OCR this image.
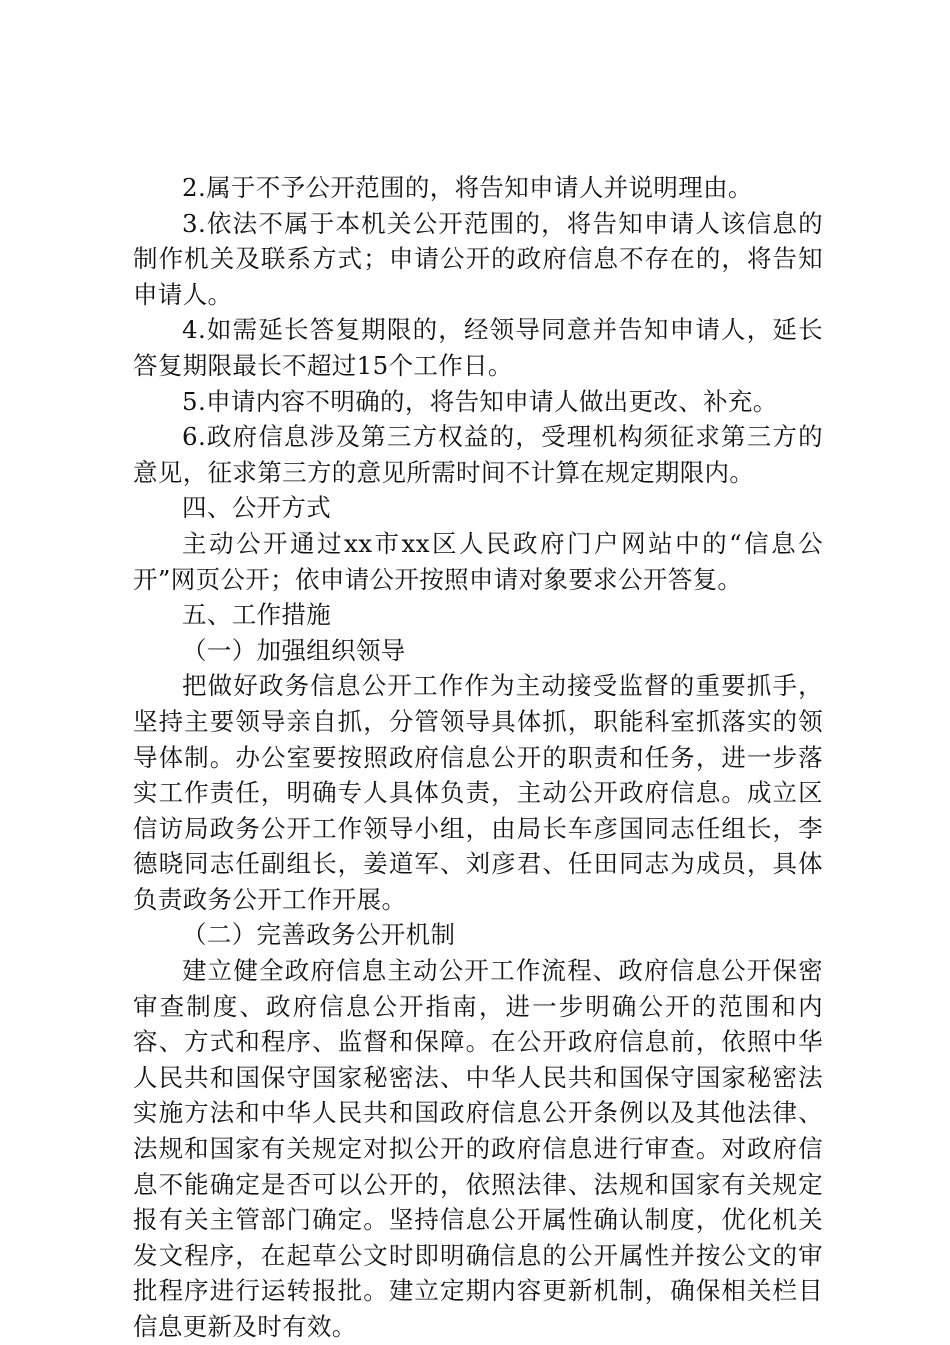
2.属于不予公开范围的，将告知申请人并说明理由。

3.依法不属于本机关公开范围的，将告知申请人该信息的制作机关及联系方式；申请公开的政府信息不存在的，将告知申请人。

4.如需延长答复期限的，经领导同意并告知申请人，延长答复期限最长不超过15个工作日。

5.申请内容不明确的，将告知申请人做出更改、补充。

6.政府信息涉及第三方权益的，受理机构须征求第三方的意见，征求第三方的意见所需时间不计算在规定期限内。

四、公开方式

主动公开通过xx市xx区人民政府门户网站中的“信息公开”网页公开；依申请公开按照申请对象要求公开答复。

五、工作措施

（一）加强组织领导

把做好政务信息公开工作作为主动接受监督的重要抓手，坚持主要领导亲自抓，分管领导具体抓，职能科室抓落实的领导体制。办公室要按照政府信息公开的职责和任务，进一步落实工作责任，明确专人具体负责，主动公开政府信息。成立区信访局政务公开工作领导小组，由局长车彦国同志任组长，李德晓同志任副组长，姜道军、刘彦君、任田同志为成员，具体负责政务公开工作开展。

（二）完善政务公开机制

建立健全政府信息主动公开工作流程、政府信息公开保密审查制度、政府信息公开指南，进一步明确公开的范围和内容、方式和程序、监督和保障。在公开政府信息前，依照中华人民共和国保守国家秘密法、中华人民共和国保守国家秘密法实施方法和中华人民共和国政府信息公开条例以及其他法律、法规和国家有关规定对拟公开的政府信息进行审查。对政府信息不能确定是否可以公开的，依照法律、法规和国家有关规定报有关主管部门确定。坚持信息公开属性确认制度，优化机关发文程序，在起草公文时即明确信息的公开属性并按公文的审批程序进行运转报批。建立定期内容更新机制，确保相关栏目信息更新及时有效。
